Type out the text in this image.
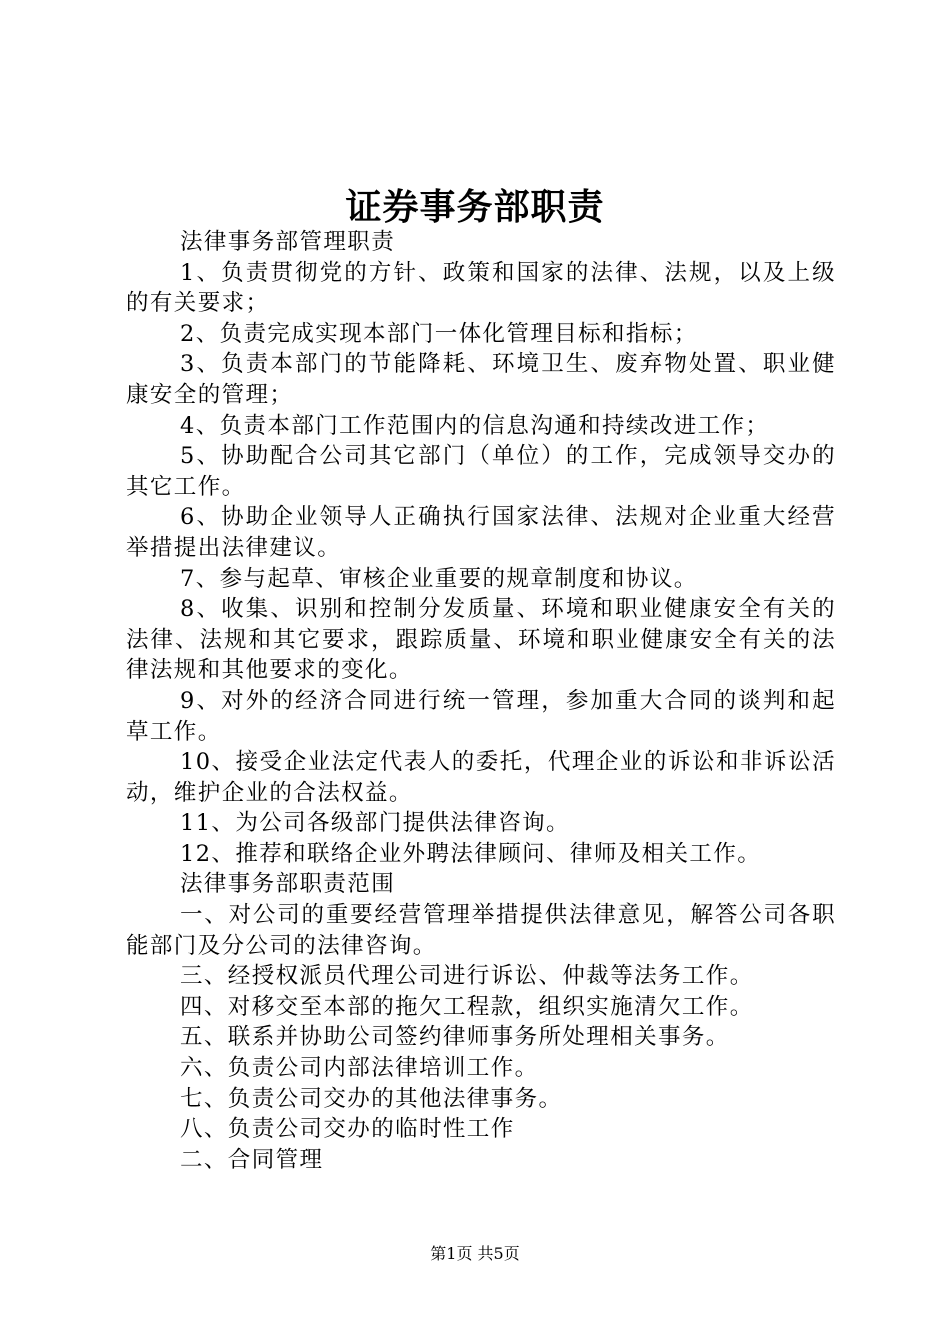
证券事务部职责

法律事务部管理职责

1、负责贯彻党的方针、政策和国家的法律、法规，以及上级的有关要求；

2、负责完成实现本部门一体化管理目标和指标；

3、负责本部门的节能降耗、环境卫生、废弃物处置、职业健康安全的管理；

4、负责本部门工作范围内的信息沟通和持续改进工作；

5、协助配合公司其它部门（单位）的工作，完成领导交办的其它工作。

6、协助企业领导人正确执行国家法律、法规对企业重大经营举措提出法律建议。

7、参与起草、审核企业重要的规章制度和协议。

8、收集、识别和控制分发质量、环境和职业健康安全有关的法律、法规和其它要求，跟踪质量、环境和职业健康安全有关的法律法规和其他要求的变化。

9、对外的经济合同进行统一管理，参加重大合同的谈判和起草工作。

10、接受企业法定代表人的委托，代理企业的诉讼和非诉讼活动，维护企业的合法权益。

11、为公司各级部门提供法律咨询。

12、推荐和联络企业外聘法律顾问、律师及相关工作。

法律事务部职责范围

一、对公司的重要经营管理举措提供法律意见，解答公司各职能部门及分公司的法律咨询。

三、经授权派员代理公司进行诉讼、仲裁等法务工作。

四、对移交至本部的拖欠工程款，组织实施清欠工作。

五、联系并协助公司签约律师事务所处理相关事务。

六、负责公司内部法律培训工作。

七、负责公司交办的其他法律事务。

八、负责公司交办的临时性工作

二、合同管理

第1页 共5页
